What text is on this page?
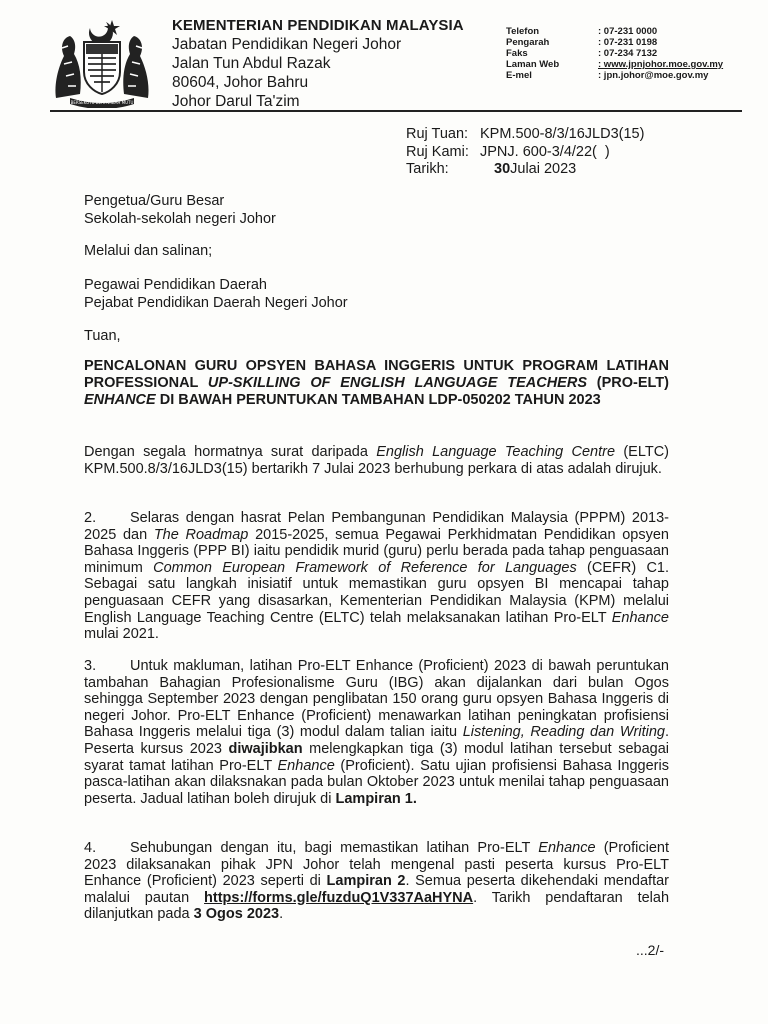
BERSEKUTU BERTAMBAH MUTU
KEMENTERIAN PENDIDIKAN MALAYSIA
Jabatan Pendidikan Negeri Johor
Jalan Tun Abdul Razak
80604, Johor Bahru
Johor Darul Ta'zim
Telefon	: 07-231 0000
Pengarah	: 07-231 0198
Faks	: 07-234 7132
Laman Web	: www.jpnjohor.moe.gov.my
E-mel	: jpn.johor@moe.gov.my
Ruj Tuan: KPM.500-8/3/16JLD3(15)
Ruj Kami: JPNJ. 600-3/4/22(  )
Tarikh:	30Julai 2023
Pengetua/Guru Besar
Sekolah-sekolah negeri Johor
Melalui dan salinan;
Pegawai Pendidikan Daerah
Pejabat Pendidikan Daerah Negeri Johor
Tuan,
PENCALONAN GURU OPSYEN BAHASA INGGERIS UNTUK PROGRAM LATIHAN PROFESSIONAL UP-SKILLING OF ENGLISH LANGUAGE TEACHERS (PRO-ELT) ENHANCE DI BAWAH PERUNTUKAN TAMBAHAN LDP-050202 TAHUN 2023
Dengan segala hormatnya surat daripada English Language Teaching Centre (ELTC) KPM.500.8/3/16JLD3(15) bertarikh 7 Julai 2023 berhubung perkara di atas adalah dirujuk.
2. Selaras dengan hasrat Pelan Pembangunan Pendidikan Malaysia (PPPM) 2013-2025 dan The Roadmap 2015-2025, semua Pegawai Perkhidmatan Pendidikan opsyen Bahasa Inggeris (PPP BI) iaitu pendidik murid (guru) perlu berada pada tahap penguasaan minimum Common European Framework of Reference for Languages (CEFR) C1. Sebagai satu langkah inisiatif untuk memastikan guru opsyen BI mencapai tahap penguasaan CEFR yang disasarkan, Kementerian Pendidikan Malaysia (KPM) melalui English Language Teaching Centre (ELTC) telah melaksanakan latihan Pro-ELT Enhance mulai 2021.
3. Untuk makluman, latihan Pro-ELT Enhance (Proficient) 2023 di bawah peruntukan tambahan Bahagian Profesionalisme Guru (IBG) akan dijalankan dari bulan Ogos sehingga September 2023 dengan penglibatan 150 orang guru opsyen Bahasa Inggeris di negeri Johor. Pro-ELT Enhance (Proficient) menawarkan latihan peningkatan profisiensi Bahasa Inggeris melalui tiga (3) modul dalam talian iaitu Listening, Reading dan Writing. Peserta kursus 2023 diwajibkan melengkapkan tiga (3) modul latihan tersebut sebagai syarat tamat latihan Pro-ELT Enhance (Proficient). Satu ujian profisiensi Bahasa Inggeris pasca-latihan akan dilaksnakan pada bulan Oktober 2023 untuk menilai tahap penguasaan peserta. Jadual latihan boleh dirujuk di Lampiran 1.
4. Sehubungan dengan itu, bagi memastikan latihan Pro-ELT Enhance (Proficient 2023 dilaksanakan pihak JPN Johor telah mengenal pasti peserta kursus Pro-ELT Enhance (Proficient) 2023 seperti di Lampiran 2. Semua peserta dikehendaki mendaftar malalui pautan https://forms.gle/fuzduQ1V337AaHYNA. Tarikh pendaftaran telah dilanjutkan pada 3 Ogos 2023.
...2/-
